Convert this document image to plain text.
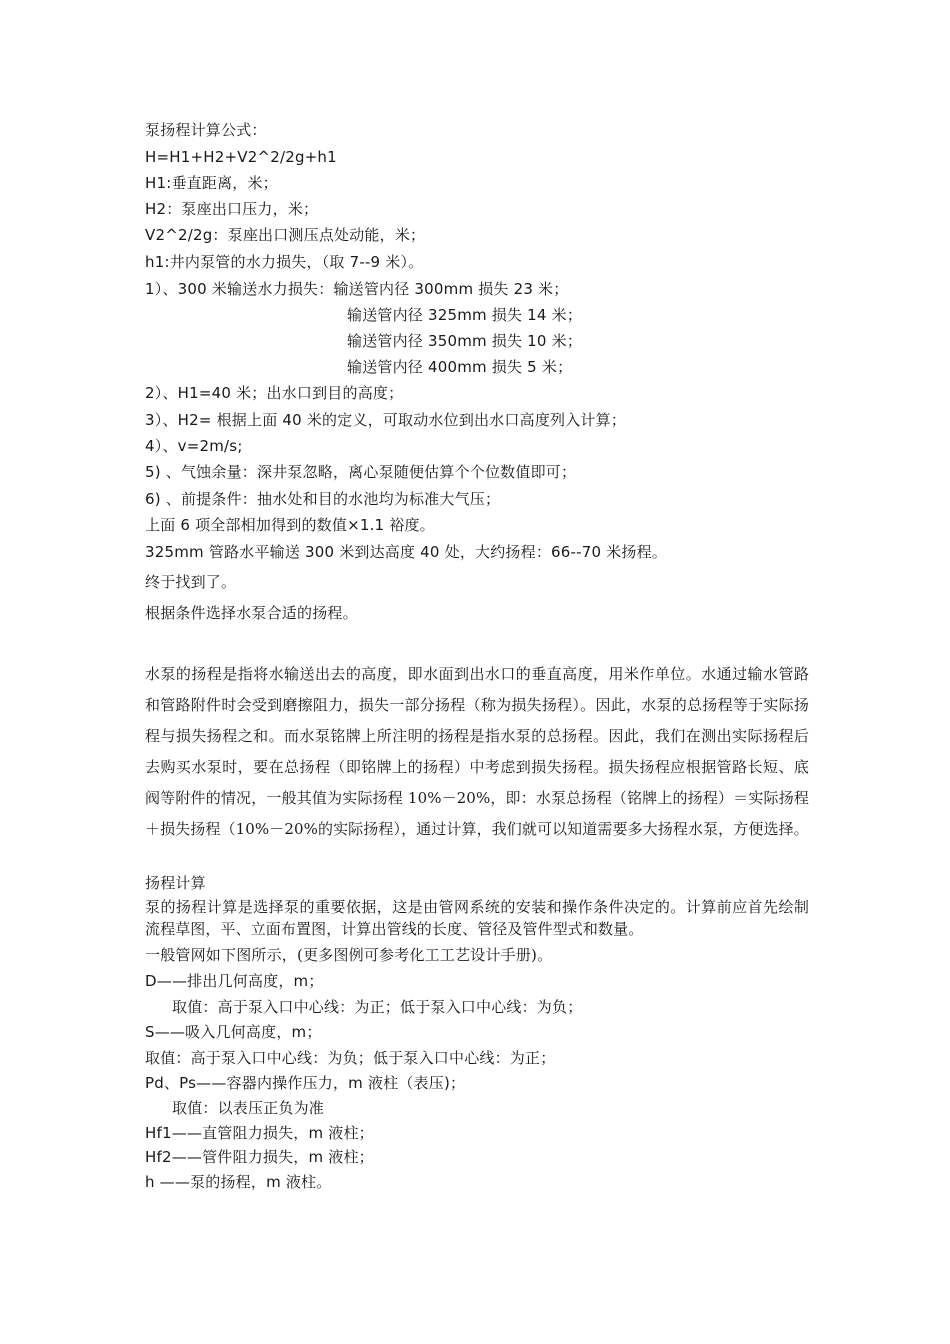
泵扬程计算公式：
H=H1+H2+V2^2/2g+h1
H1:垂直距离，米；
H2：泵座出口压力，米；
V2^2/2g：泵座出口测压点处动能，米；
h1:井内泵管的水力损失，（取 7--9 米）。
1）、300 米输送水力损失：输送管内径 300mm 损失 23 米；
输送管内径 325mm 损失 14 米；
输送管内径 350mm 损失 10 米；
输送管内径 400mm 损失 5 米；
2）、H1=40 米；出水口到目的高度；
3）、H2= 根据上面 40 米的定义，可取动水位到出水口高度列入计算；
4）、v=2m/s;
5) 、气蚀余量：深井泵忽略，离心泵随便估算个个位数值即可；
6) 、前提条件：抽水处和目的水池均为标准大气压；
上面 6 项全部相加得到的数值×1.1 裕度。
325mm 管路水平输送 300 米到达高度 40 处，大约扬程：66--70 米扬程。
终于找到了。
根据条件选择水泵合适的扬程。
水泵的扬程是指将水输送出去的高度，即水面到出水口的垂直高度，用米作单位。水通过输水管路和管路附件时会受到磨擦阻力，损失一部分扬程（称为损失扬程）。因此，水泵的总扬程等于实际扬程与损失扬程之和。而水泵铭牌上所注明的扬程是指水泵的总扬程。因此，我们在测出实际扬程后去购买水泵时，要在总扬程（即铭牌上的扬程）中考虑到损失扬程。损失扬程应根据管路长短、底阀等附件的情况，一般其值为实际扬程 10%－20%，即：水泵总扬程（铭牌上的扬程）＝实际扬程＋损失扬程（10%－20%的实际扬程），通过计算，我们就可以知道需要多大扬程水泵，方便选择。
扬程计算
泵的扬程计算是选择泵的重要依据，这是由管网系统的安装和操作条件决定的。计算前应首先绘制流程草图，平、立面布置图，计算出管线的长度、管径及管件型式和数量。
一般管网如下图所示，(更多图例可参考化工工艺设计手册)。
D——排出几何高度，m；
取值：高于泵入口中心线：为正；低于泵入口中心线：为负；
S——吸入几何高度，m；
取值：高于泵入口中心线：为负；低于泵入口中心线：为正；
Pd、Ps——容器内操作压力，m 液柱（表压)；
取值：以表压正负为准
Hf1——直管阻力损失，m 液柱；
Hf2——管件阻力损失，m 液柱；
h ——泵的扬程，m 液柱。
